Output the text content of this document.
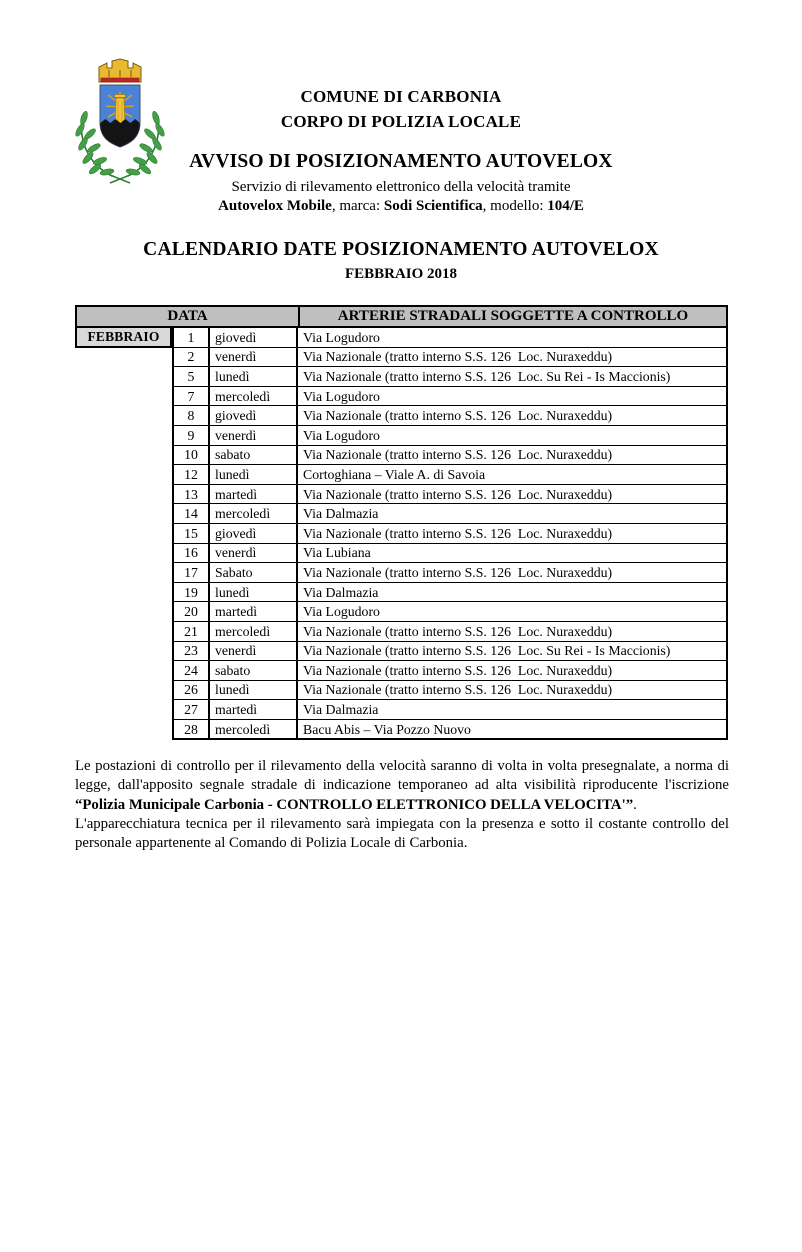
COMUNE DI CARBONIA
CORPO DI POLIZIA LOCALE
AVVISO DI POSIZIONAMENTO AUTOVELOX
Servizio di rilevamento elettronico della velocità tramite
Autovelox Mobile, marca: Sodi Scientifica, modello: 104/E
CALENDARIO DATE POSIZIONAMENTO AUTOVELOX
FEBBRAIO 2018
DATA	ARTERIE STRADALI SOGGETTE A CONTROLLO
FEBBRAIO	1	giovedì	Via Logudoro
2	venerdì	Via Nazionale (tratto interno S.S. 126  Loc. Nuraxeddu)
5	lunedì	Via Nazionale (tratto interno S.S. 126  Loc. Su Rei - Is Maccionis)
7	mercoledì	Via Logudoro
8	giovedì	Via Nazionale (tratto interno S.S. 126  Loc. Nuraxeddu)
9	venerdì	Via Logudoro
10	sabato	Via Nazionale (tratto interno S.S. 126  Loc. Nuraxeddu)
12	lunedì	Cortoghiana – Viale A. di Savoia
13	martedì	Via Nazionale (tratto interno S.S. 126  Loc. Nuraxeddu)
14	mercoledì	Via Dalmazia
15	giovedì	Via Nazionale (tratto interno S.S. 126  Loc. Nuraxeddu)
16	venerdì	Via Lubiana
17	Sabato	Via Nazionale (tratto interno S.S. 126  Loc. Nuraxeddu)
19	lunedì	Via Dalmazia
20	martedì	Via Logudoro
21	mercoledì	Via Nazionale (tratto interno S.S. 126  Loc. Nuraxeddu)
23	venerdì	Via Nazionale (tratto interno S.S. 126  Loc. Su Rei - Is Maccionis)
24	sabato	Via Nazionale (tratto interno S.S. 126  Loc. Nuraxeddu)
26	lunedì	Via Nazionale (tratto interno S.S. 126  Loc. Nuraxeddu)
27	martedì	Via Dalmazia
28	mercoledì	Bacu Abis – Via Pozzo Nuovo
Le postazioni di controllo per il rilevamento della velocità saranno di volta in volta presegnalate, a norma di legge, dall'apposito segnale stradale di indicazione temporaneo ad alta visibilità riproducente l'iscrizione “Polizia Municipale Carbonia - CONTROLLO ELETTRONICO DELLA VELOCITA'”.
L'apparecchiatura tecnica per il rilevamento sarà impiegata con la presenza e sotto il costante controllo del personale appartenente al Comando di Polizia Locale di Carbonia.
